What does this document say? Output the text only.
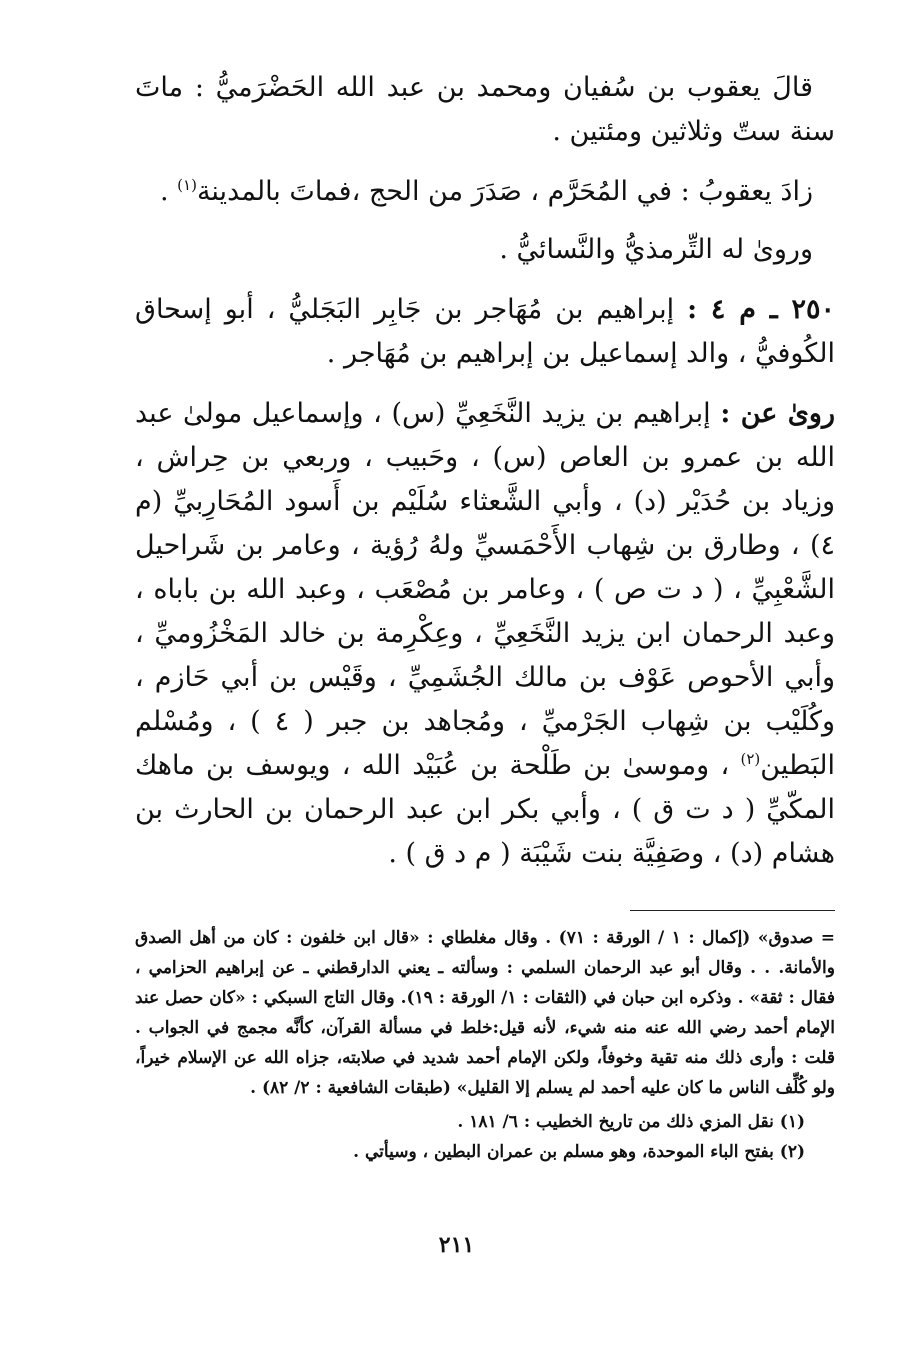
قالَ يعقوب بن سُفيان ومحمد بن عبد الله الحَضْرَميُّ : ماتَ سنة ستّ وثلاثين ومئتين .

زادَ يعقوبُ : في المُحَرَّم ، صَدَرَ من الحج ،فماتَ بالمدينة$^{(١)}$ .

وروىٰ له التِّرمذيُّ والنَّسائيُّ .

٢٥٠ ـ م ٤ : إبراهيم بن مُهَاجر بن جَابِر البَجَليُّ ، أبو إسحاق الكُوفيُّ ، والد إسماعيل بن إبراهيم بن مُهَاجر .

روىٰ عن : إبراهيم بن يزيد النَّخَعِيِّ (س) ، وإسماعيل مولىٰ عبد الله بن عمرو بن العاص (س) ، وحَبيب ، وربعي بن حِراش ، وزياد بن حُدَيْر (د) ، وأبي الشَّعثاء سُلَيْم بن أَسود المُحَارِبيِّ (م ٤) ، وطارق بن شِهاب الأَحْمَسيِّ ولهُ رُؤية ، وعامر بن شَراحيل الشَّعْبِيِّ ، ( د ت ص ) ، وعامر بن مُصْعَب ، وعبد الله بن باباه ، وعبد الرحمان ابن يزيد النَّخَعِيِّ ، وعِكْرِمة بن خالد المَخْزُوميِّ ، وأبي الأحوص عَوْف بن مالك الجُشَمِيِّ ، وقَيْس بن أبي حَازم ، وكُلَيْب بن شِهاب الجَرْميِّ ، ومُجاهد بن جبر ( ٤ ) ، ومُسْلم البَطين$^{(٢)}$ ، وموسىٰ بن طَلْحة بن عُبَيْد الله ، ويوسف بن ماهك المكّيِّ ( د ت ق ) ، وأبي بكر ابن عبد الرحمان بن الحارث بن هشام (د) ، وصَفِيَّة بنت شَيْبَة ( م د ق ) .

= صدوق» (إكمال : ١ / الورقة : ٧١) . وقال مغلطاي : «قال ابن خلفون : كان من أهل الصدق والأمانة. . . وقال أبو عبد الرحمان السلمي : وسألته ـ يعني الدارقطني ـ عن إبراهيم الحزامي ، فقال : ثقة» . وذكره ابن حبان في (الثقات : ١/ الورقة : ١٩). وقال التاج السبكي : «كان حصل عند الإمام أحمد رضي الله عنه منه شيء، لأنه قيل:خلط في مسألة القرآن، كأنَّه مجمج في الجواب . قلت : وأرى ذلك منه تقية وخوفاً، ولكن الإمام أحمد شديد في صلابته، جزاه الله عن الإسلام خيراً، ولو كُلِّف الناس ما كان عليه أحمد لم يسلم إلا القليل» (طبقات الشافعية : ٢/ ٨٢) .

(١) نقل المزي ذلك من تاريخ الخطيب : ٦/ ١٨١ .

(٢) بفتح الباء الموحدة، وهو مسلم بن عمران البطين ، وسيأتي .

٢١١
